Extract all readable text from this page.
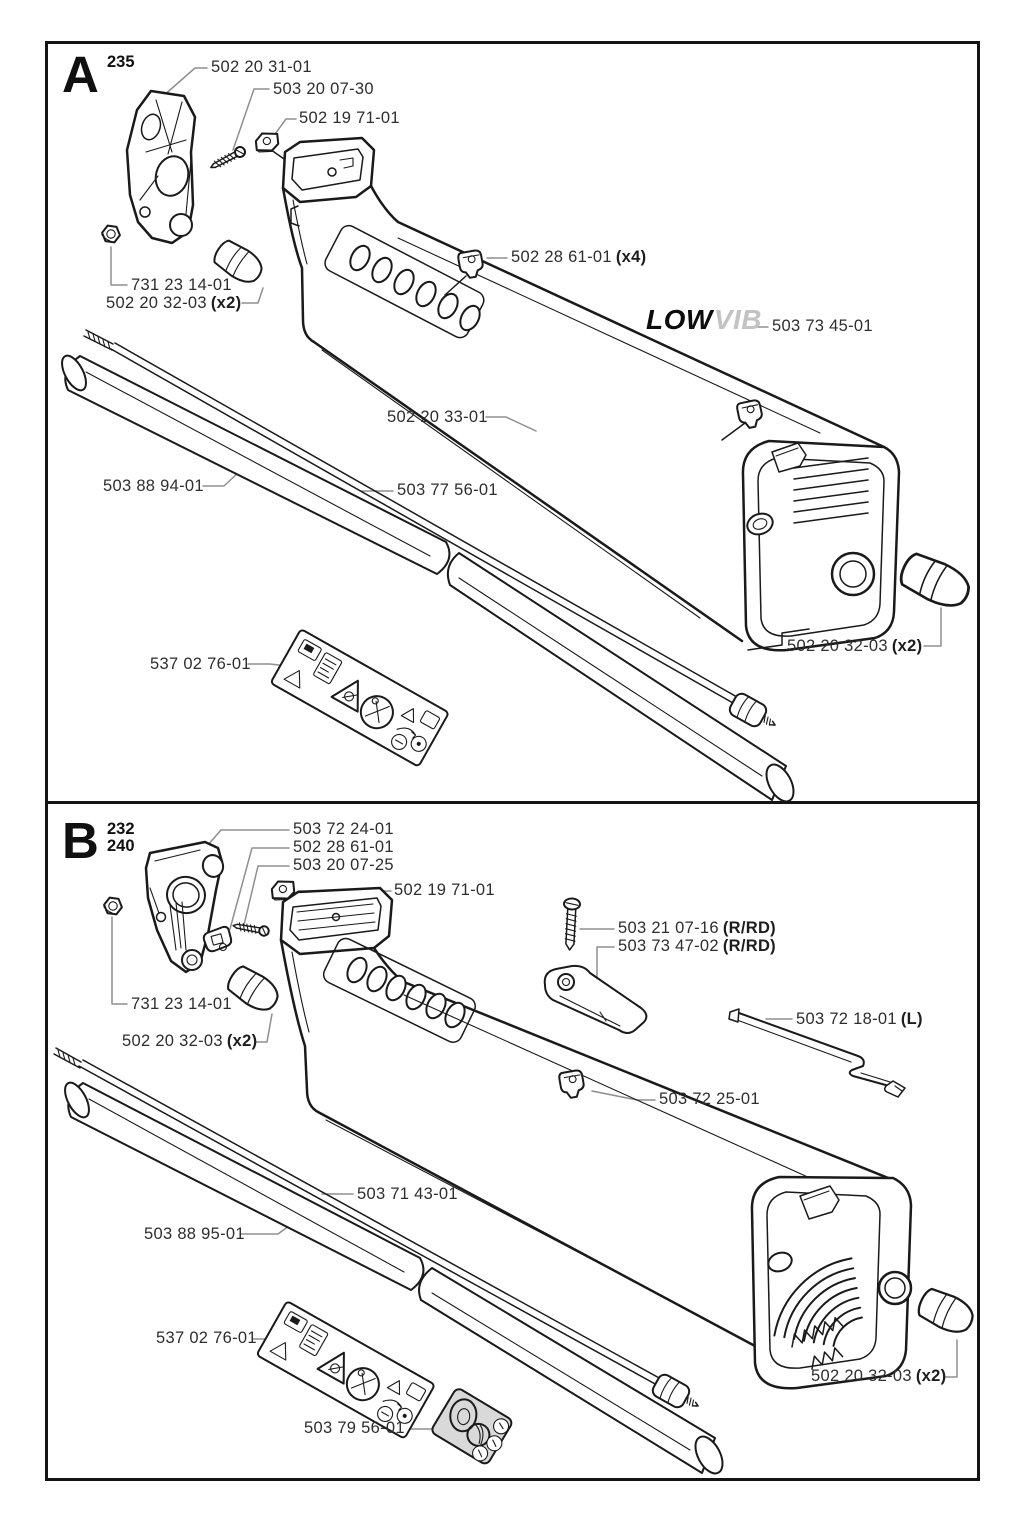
A 235
B 232
240
LOWVIB
502 20 31-01
503 20 07-30
502 19 71-01
502 28 61-01 (x4)
503 73 45-01
502 20 33-01
503 88 94-01	503 77 56-01
731 23 14-01
502 20 32-03 (x2)
537 02 76-01
502 20 32-03 (x2)
503 72 24-01
502 28 61-01
503 20 07-25
502 19 71-01
503 21 07-16 (R/RD)
503 73 47-02 (R/RD)
503 72 18-01 (L)
731 23 14-01
502 20 32-03 (x2)
503 72 25-01
503 71 43-01
503 88 95-01
537 02 76-01
503 79 56-01
502 20 32-03 (x2)
